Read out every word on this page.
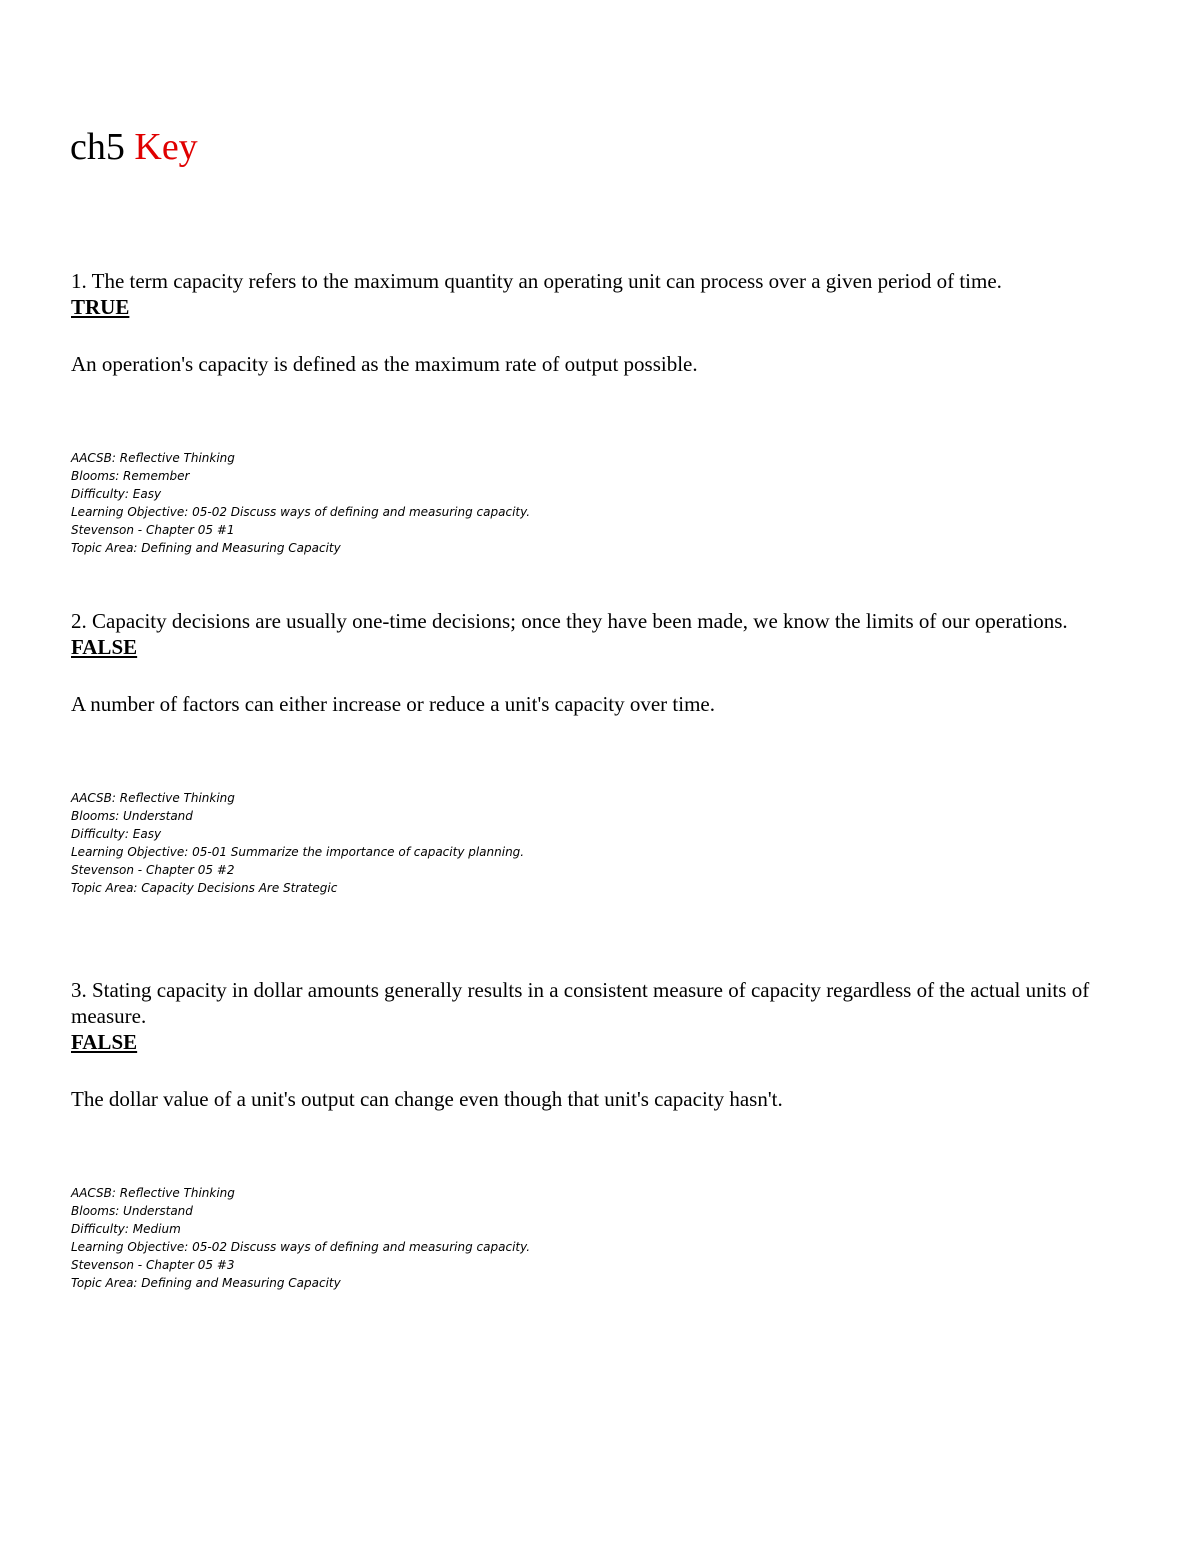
ch5 Key

1. The term capacity refers to the maximum quantity an operating unit can process over a given period of time.

TRUE

An operation's capacity is defined as the maximum rate of output possible.

AACSB: Reflective Thinking
Blooms: Remember
Difficulty: Easy
Learning Objective: 05-02 Discuss ways of defining and measuring capacity.
Stevenson - Chapter 05 #1
Topic Area: Defining and Measuring Capacity

2. Capacity decisions are usually one-time decisions; once they have been made, we know the limits of our operations.

FALSE

A number of factors can either increase or reduce a unit's capacity over time.

AACSB: Reflective Thinking
Blooms: Understand
Difficulty: Easy
Learning Objective: 05-01 Summarize the importance of capacity planning.
Stevenson - Chapter 05 #2
Topic Area: Capacity Decisions Are Strategic

3. Stating capacity in dollar amounts generally results in a consistent measure of capacity regardless of the actual units of measure.

FALSE

The dollar value of a unit's output can change even though that unit's capacity hasn't.

AACSB: Reflective Thinking
Blooms: Understand
Difficulty: Medium
Learning Objective: 05-02 Discuss ways of defining and measuring capacity.
Stevenson - Chapter 05 #3
Topic Area: Defining and Measuring Capacity
